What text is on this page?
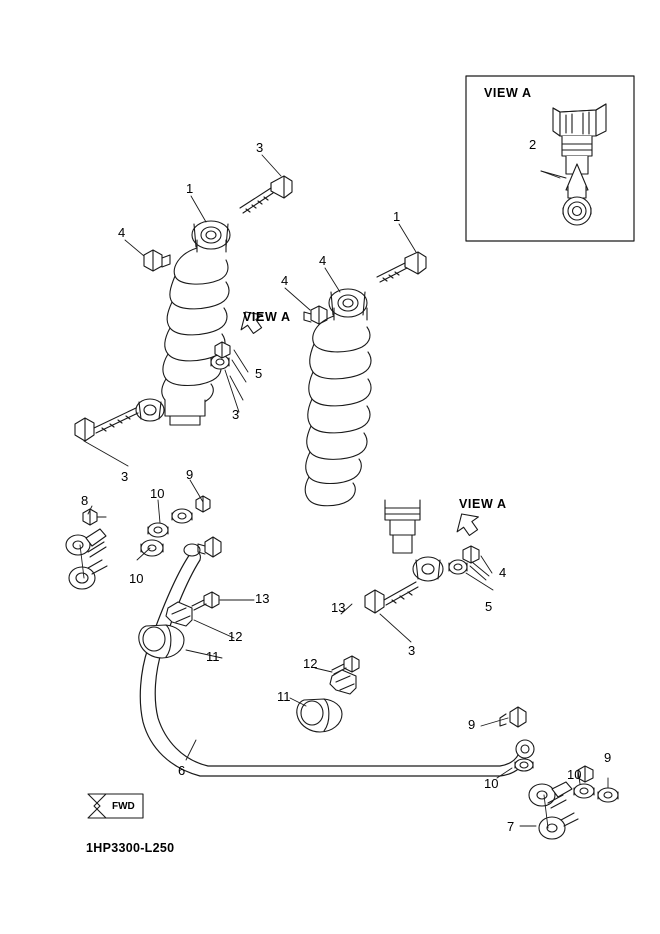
VIEW A
VIEW A
VIEW A
2
3
1
4
3
1
4
4
5
3
9
10
8
10
13
12
11
6
5
4
3
13
12
11
9
9
10
10
7
FWD
1HP3300-L250
